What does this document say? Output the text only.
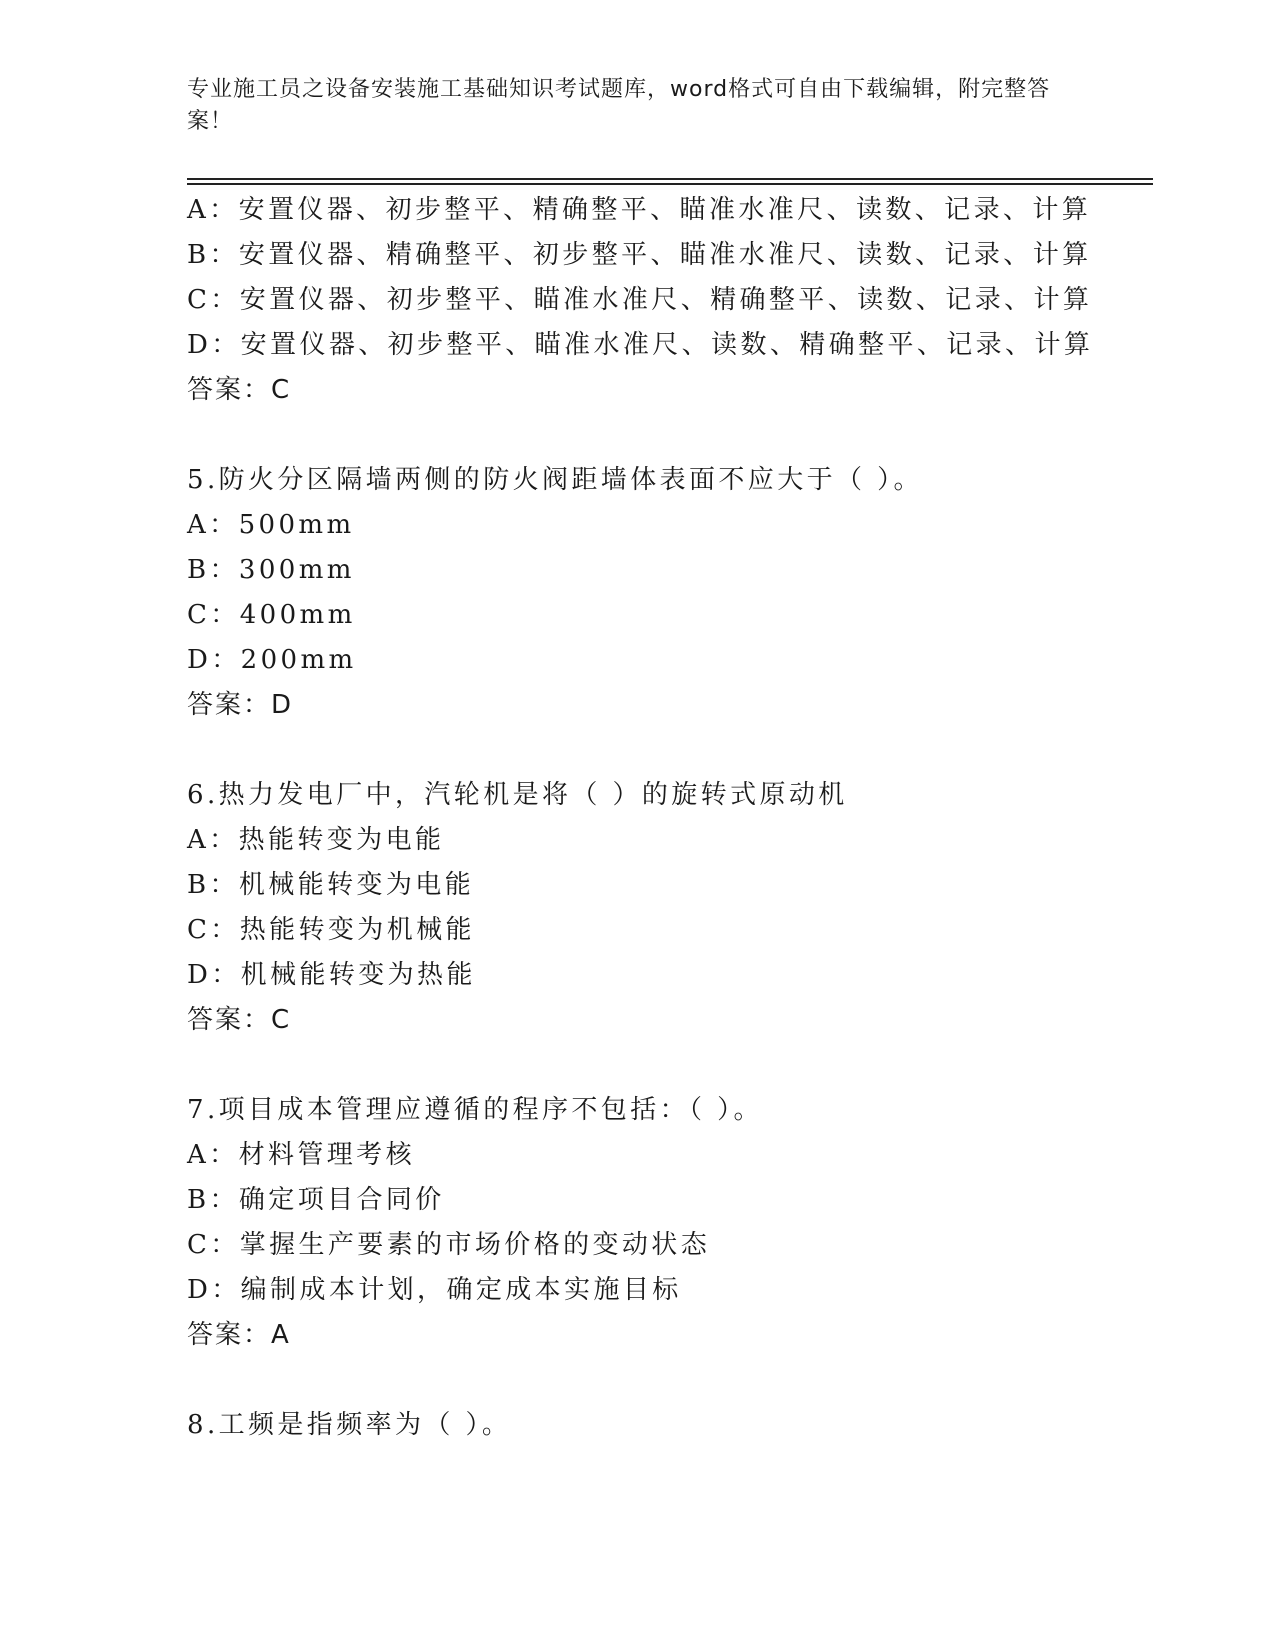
专业施工员之设备安装施工基础知识考试题库，word格式可自由下载编辑，附完整答案！
A：安置仪器、初步整平、精确整平、瞄准水准尺、读数、记录、计算
B：安置仪器、精确整平、初步整平、瞄准水准尺、读数、记录、计算
C：安置仪器、初步整平、瞄准水准尺、精确整平、读数、记录、计算
D：安置仪器、初步整平、瞄准水准尺、读数、精确整平、记录、计算
答案：C
5.防火分区隔墙两侧的防火阀距墙体表面不应大于（ ）。
A：500mm
B：300mm
C：400mm
D：200mm
答案：D
6.热力发电厂中，汽轮机是将（ ）的旋转式原动机
A：热能转变为电能
B：机械能转变为电能
C：热能转变为机械能
D：机械能转变为热能
答案：C
7.项目成本管理应遵循的程序不包括：（ ）。
A：材料管理考核
B：确定项目合同价
C：掌握生产要素的市场价格的变动状态
D：编制成本计划，确定成本实施目标
答案：A
8.工频是指频率为（ ）。
